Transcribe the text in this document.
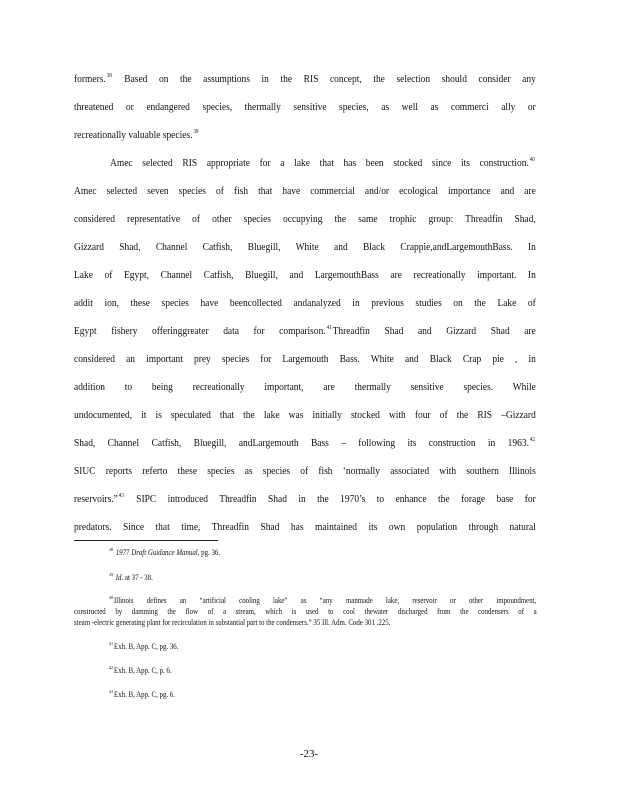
formers.$^{38}$ Based on the assumptions in the RIS concept, the selection should consider any
threatened or endangered species, thermally sensitive species, as well as commerci ally or
recreationally valuable species.$^{39}$
Amec selected RIS appropriate for a lake that has been stocked since its construction.$^{40}$
Amec selected seven species of fish that have commercial and/or ecological importance and are
considered representative of other species occupying the same trophic group: Threadfin Shad,
Gizzard Shad, Channel Catfish, Bluegill, White and Black Crappie,andLargemouthBass. In
Lake of Egypt, Channel Catfish, Bluegill, and LargemouthBass are recreationally important. In
addit ion, these species have beencollected andanalyzed in previous studies on the Lake of
Egypt fishery offeringgreater data for comparison.$^{41}$Threadfin Shad and Gizzard Shad are
considered an important prey species for Largemouth Bass. White and Black Crap pie , in
addition to being recreationally important, are thermally sensitive species. While
undocumented, it is speculated that the lake was initially stocked with four of the RIS –Gizzard
Shad, Channel Catfish, Bluegill, andLargemouth Bass – following its construction in 1963.42
SIUC reports referto these species as species of fish ‘normally associated with southern Illinois
reservoirs.”$^{43}$ SIPC introduced Threadfin Shad in the 1970’s to enhance the forage base for
predators. Since that time, Threadfin Shad has maintained its own population through natural
$^{38}$ 1977 Draft Guidance Manual, pg. 36.
$^{39}$ Id. at 37 - 38.
$^{40}$Illinois defines an “artificial cooling lake” as “any manmade lake, reservoir or other impoundment,
constructed by damming the flow of a stream, which is used to cool thewater discharged from the condensers of a
steam -electric generating plant for recirculation in substantial part to the condensers.” 35 Ill. Adm. Code 301 .225.
$^{41}$Exh. B, App. C, pg. 36.
$^{42}$Exh. B, App. C, p. 6.
$^{43}$Exh. B, App. C, pg. 6.
-23-
